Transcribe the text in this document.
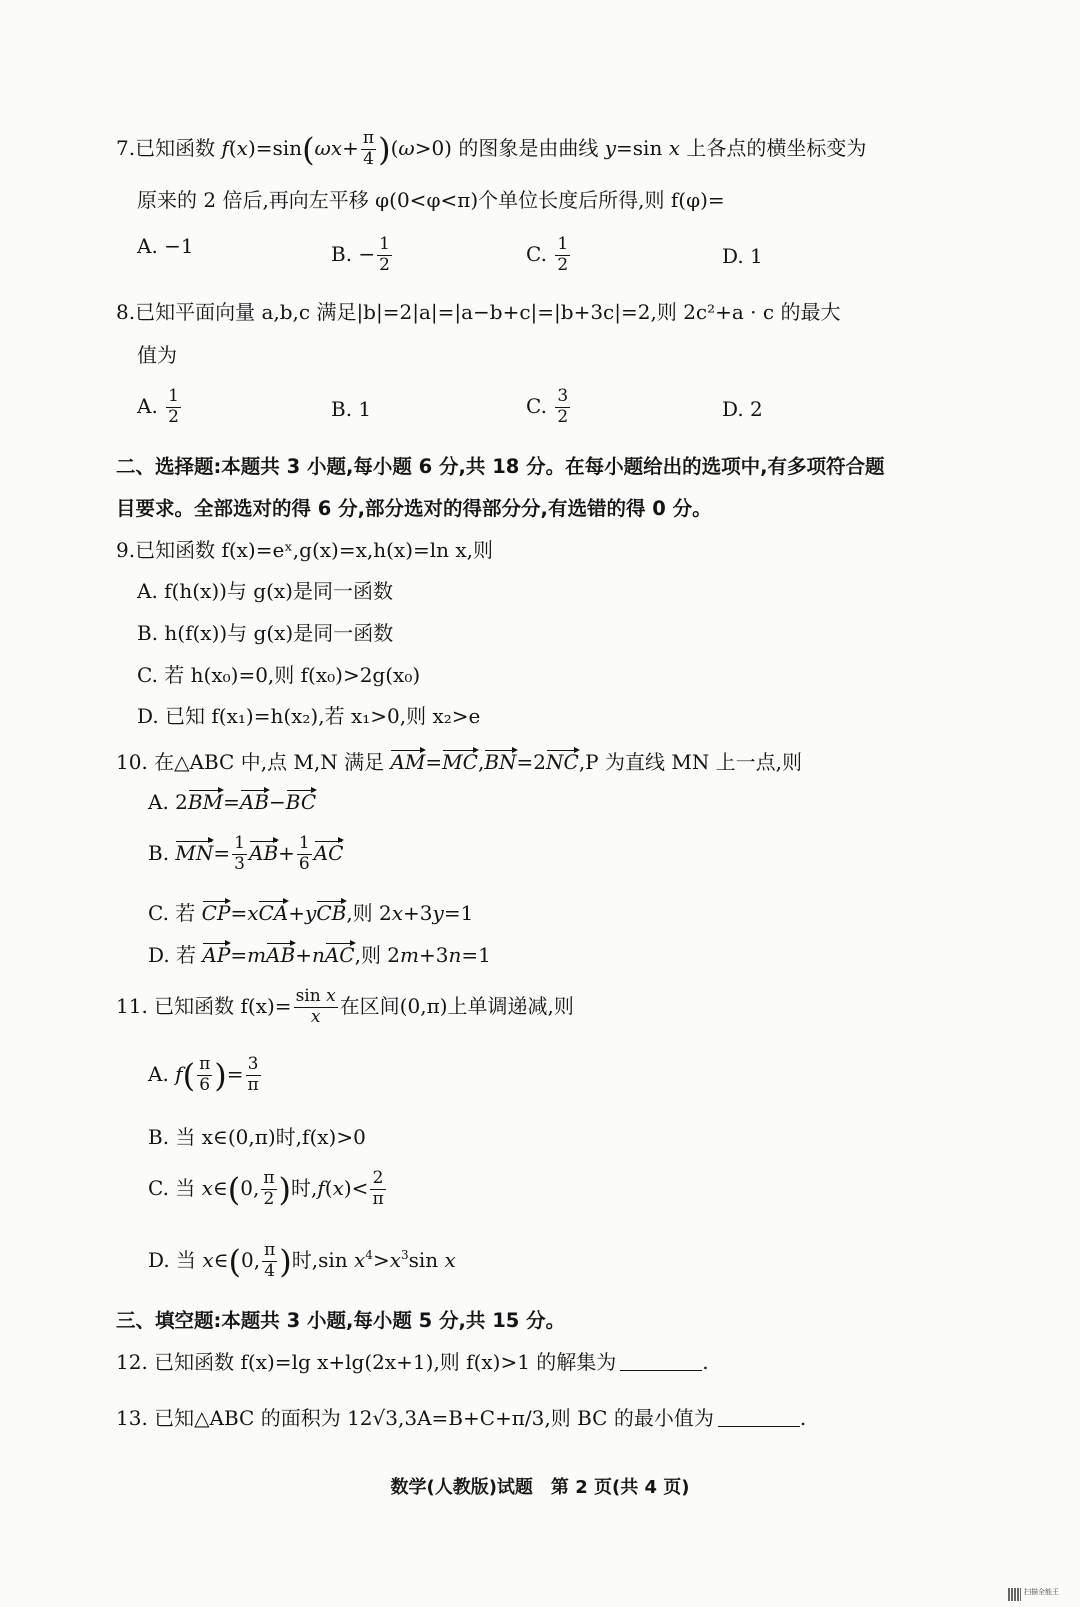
7.已知函数 $f(x)=\sin(\omega x+ \frac{\pi}{4} )(\omega>0)$ 的图象是由曲线 y=sin x 上各点的横坐标变为
原来的 2 倍后,再向左平移 φ(0<φ<π)个单位长度后所得,则 f(φ)=
A. −1	B. − $\frac{1}{2}$	C. $\frac{1}{2}$	D. 1
8.已知平面向量 a,b,c 满足|b|=2|a|=|a−b+c|=|b+3c|=2,则 2c²+a · c 的最大
值为
A. $\frac{1}{2}$	B. 1	C. $\frac{3}{2}$	D. 2
二、选择题:本题共 3 小题,每小题 6 分,共 18 分。在每小题给出的选项中,有多项符合题
目要求。全部选对的得 6 分,部分选对的得部分分,有选错的得 0 分。
9.已知函数 f(x)=eˣ,g(x)=x,h(x)=ln x,则
A. f(h(x))与 g(x)是同一函数
B. h(f(x))与 g(x)是同一函数
C. 若 h(x₀)=0,则 f(x₀)>2g(x₀)
D. 已知 f(x₁)=h(x₂),若 x₁>0,则 x₂>e
10. 在△ABC 中,点 M,N 满足 AM=MC,BN=2NC,P 为直线 MN 上一点,则
A. 2BM=AB−BC
B. $MN= \frac{1}{3} AB+ \frac{1}{6}$ AC
C. 若 CP=xCA+yCB,则 2x+3y=1
D. 若 AP=mAB+nAC,则 2m+3n=1
11. 已知函数 $f(x)= \frac{\text{sin x}}{x}$ 在区间(0,π)上单调递减,则
A. $f( \frac{\pi}{6}$ )= $\frac{3}{\pi}$
B. 当 x∈(0,π)时,f(x)>0
C. 当 x∈(0, $\frac{\pi}{2}$ )时$,f(x)< \frac{2}{\pi}$
D. 当 x∈(0, $\frac{\pi}{4}$ )时,sin $x^4>x^3\sin$ x
三、填空题:本题共 3 小题,每小题 5 分,共 15 分。
12. 已知函数 f(x)=lg x+lg(2x+1),则 f(x)>1 的解集为	.
13. 已知△ABC 的面积为 12√3,3A=B+C+π/3,则 BC 的最小值为	.
数学(人教版)试题　第 2 页(共 4 页)
扫描全能王
